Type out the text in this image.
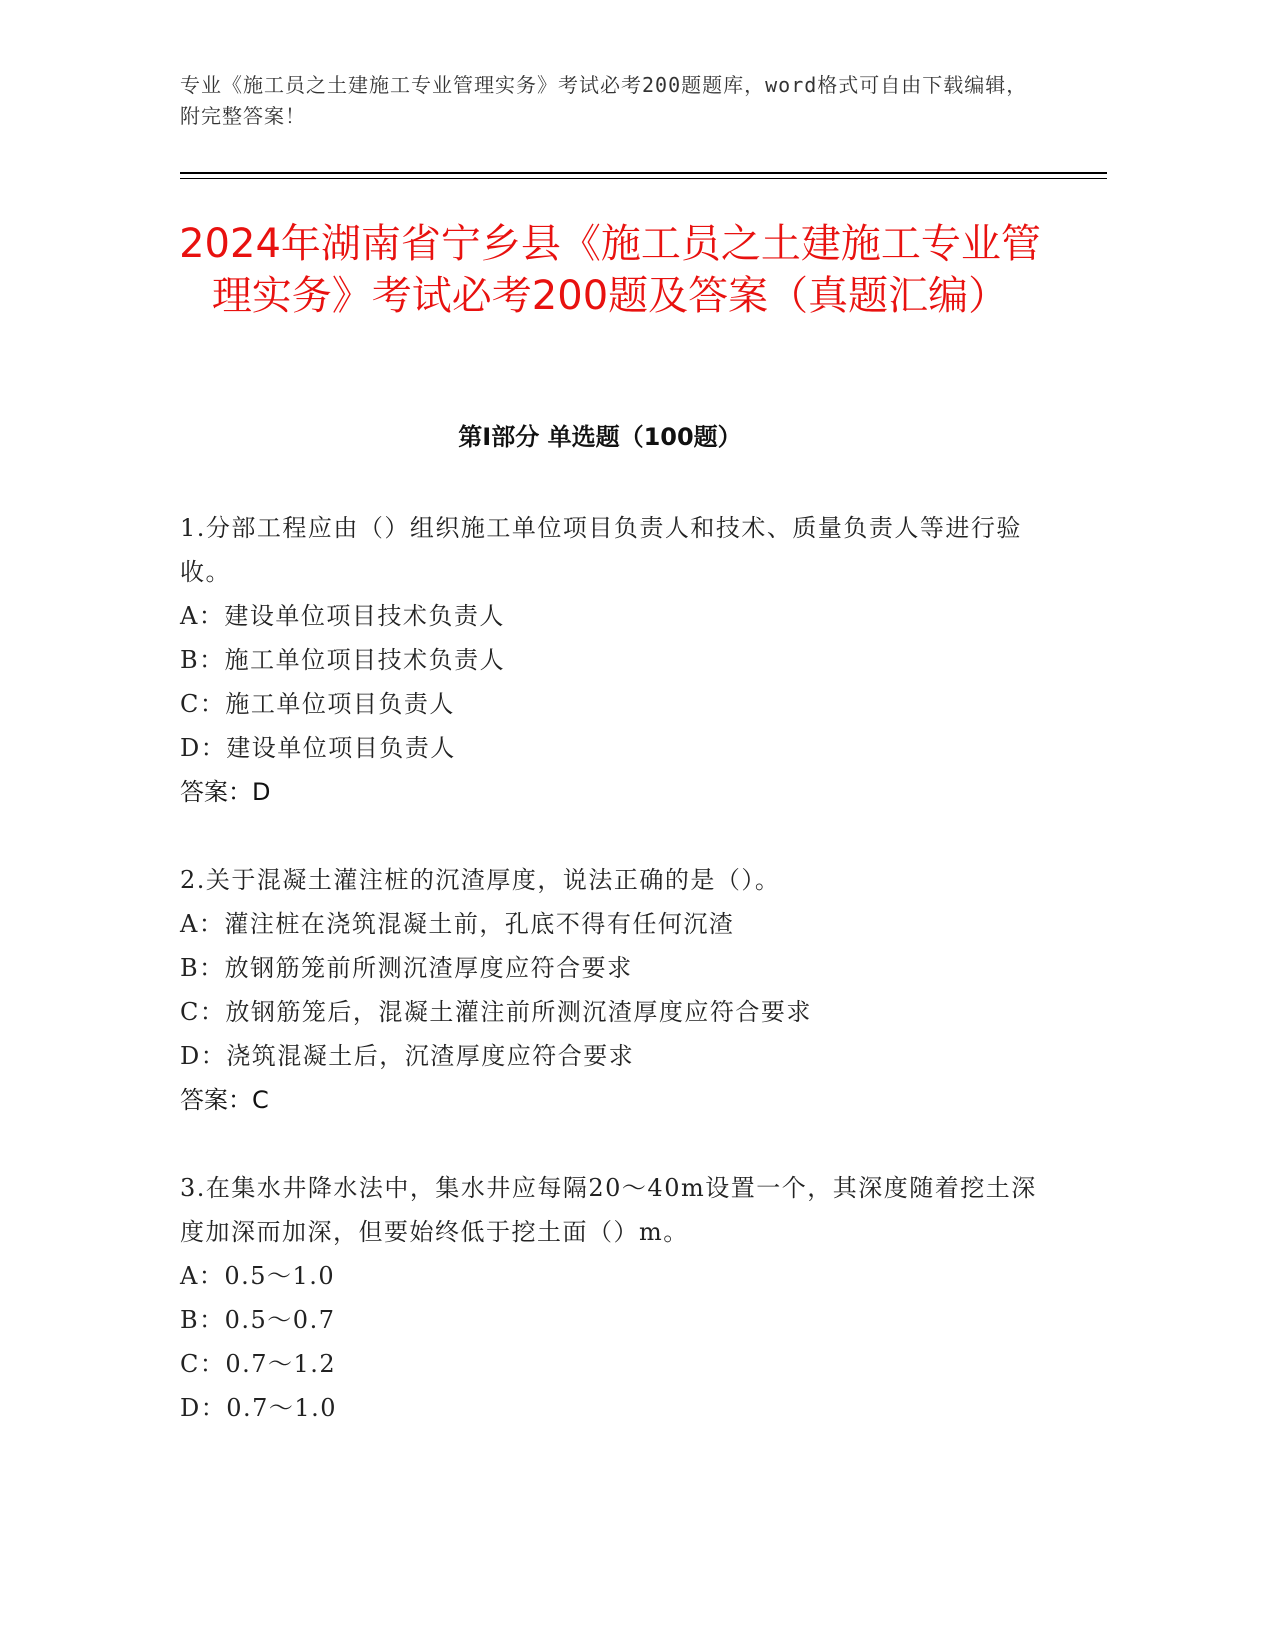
专业《施工员之土建施工专业管理实务》考试必考200题题库，word格式可自由下载编辑，附完整答案！
2024年湖南省宁乡县《施工员之土建施工专业管理实务》考试必考200题及答案（真题汇编）
第Ⅰ部分 单选题（100题）
1.分部工程应由（）组织施工单位项目负责人和技术、质量负责人等进行验收。
A：建设单位项目技术负责人
B：施工单位项目技术负责人
C：施工单位项目负责人
D：建设单位项目负责人
答案：D
2.关于混凝土灌注桩的沉渣厚度，说法正确的是（）。
A：灌注桩在浇筑混凝土前，孔底不得有任何沉渣
B：放钢筋笼前所测沉渣厚度应符合要求
C：放钢筋笼后，混凝土灌注前所测沉渣厚度应符合要求
D：浇筑混凝土后，沉渣厚度应符合要求
答案：C
3.在集水井降水法中，集水井应每隔20～40m设置一个，其深度随着挖土深度加深而加深，但要始终低于挖土面（）m。
A：0.5～1.0
B：0.5～0.7
C：0.7～1.2
D：0.7～1.0
